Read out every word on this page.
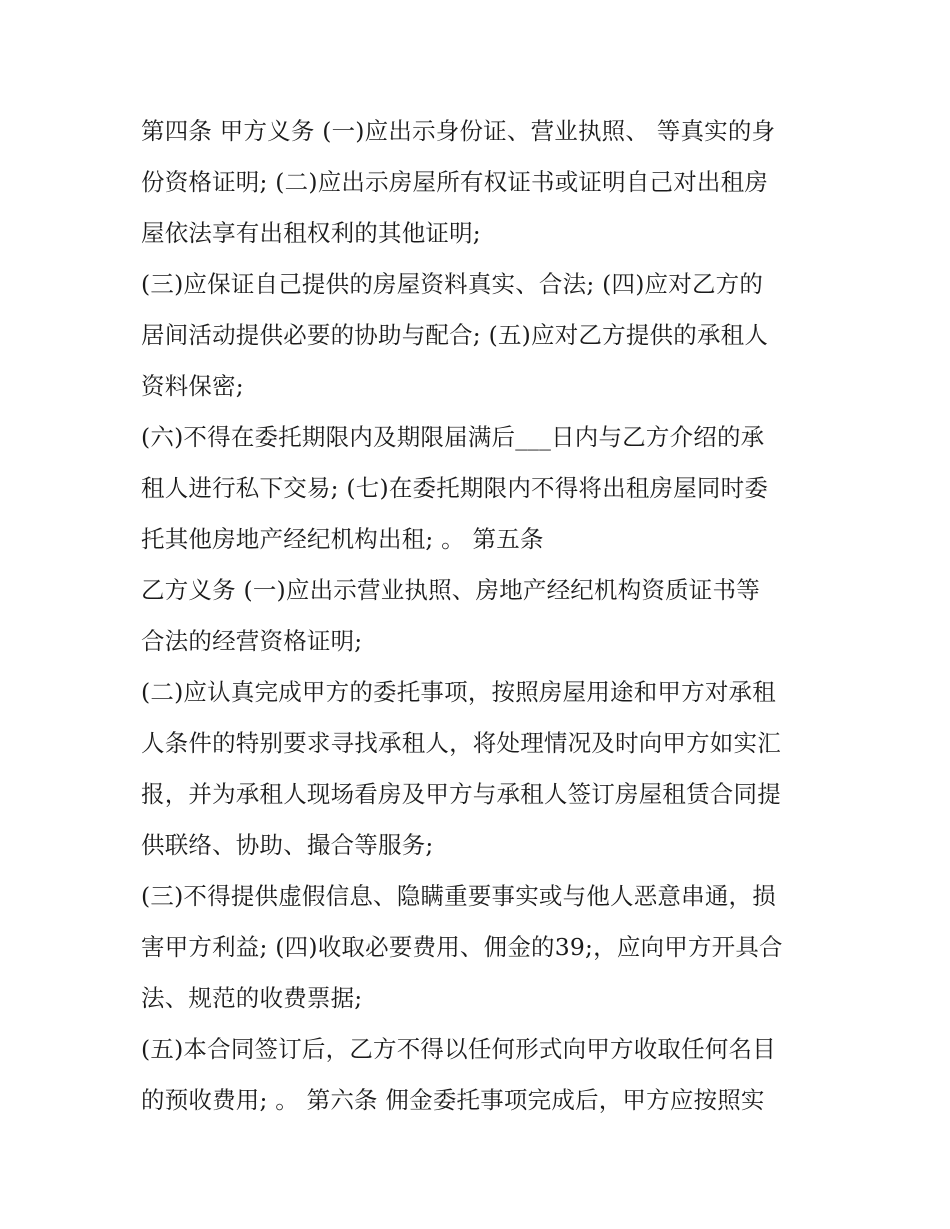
第四条 甲方义务 (一)应出示身份证、营业执照、 等真实的身
份资格证明; (二)应出示房屋所有权证书或证明自己对出租房
屋依法享有出租权利的其他证明;
(三)应保证自己提供的房屋资料真实、合法; (四)应对乙方的
居间活动提供必要的协助与配合; (五)应对乙方提供的承租人
资料保密;
(六)不得在委托期限内及期限届满后___日内与乙方介绍的承
租人进行私下交易; (七)在委托期限内不得将出租房屋同时委
托其他房地产经纪机构出租; 。 第五条
乙方义务 (一)应出示营业执照、房地产经纪机构资质证书等
合法的经营资格证明;
(二)应认真完成甲方的委托事项，按照房屋用途和甲方对承租
人条件的特别要求寻找承租人，将处理情况及时向甲方如实汇
报，并为承租人现场看房及甲方与承租人签订房屋租赁合同提
供联络、协助、撮合等服务;
(三)不得提供虚假信息、隐瞒重要事实或与他人恶意串通，损
害甲方利益; (四)收取必要费用、佣金的39;，应向甲方开具合
法、规范的收费票据;
(五)本合同签订后，乙方不得以任何形式向甲方收取任何名目
的预收费用; 。 第六条 佣金委托事项完成后，甲方应按照实
